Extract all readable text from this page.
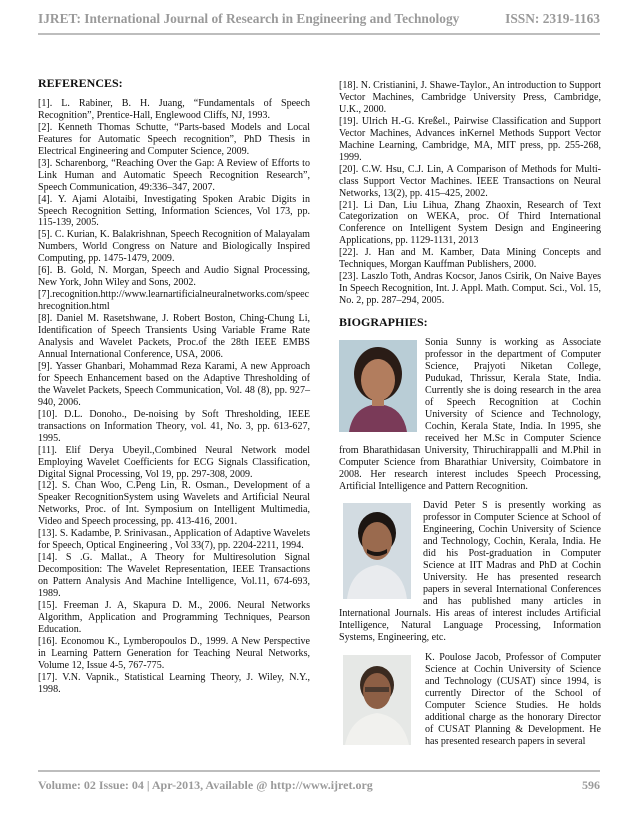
IJRET: International Journal of Research in Engineering and Technology	ISSN: 2319-1163
REFERENCES:

[1]. L. Rabiner, B. H. Juang, “Fundamentals of Speech Recognition”, Prentice-Hall, Englewood Cliffs, NJ, 1993.

[2]. Kenneth Thomas Schutte, “Parts-based Models and Local Features for Automatic Speech recognition”, PhD Thesis in Electrical Engineering and Computer Science, 2009.

[3]. Scharenborg, “Reaching Over the Gap: A Review of Efforts to Link Human and Automatic Speech Recognition Research”, Speech Communication, 49:336–347, 2007.

[4]. Y. Ajami Alotaibi, Investigating Spoken Arabic Digits in Speech Recognition Setting, Information Sciences, Vol 173, pp. 115-139, 2005.

[5]. C. Kurian, K. Balakrishnan, Speech Recognition of Malayalam Numbers, World Congress on Nature and Biologically Inspired Computing, pp. 1475-1479, 2009.

[6]. B. Gold, N. Morgan, Speech and Audio Signal Processing, New York, John Wiley and Sons, 2002.

[7].recognition.http://www.learnartificialneuralnetworks.com/speechrecognition.html

[8]. Daniel M. Rasetshwane, J. Robert Boston, Ching-Chung Li, Identification of Speech Transients Using Variable Frame Rate Analysis and Wavelet Packets, Proc.of the 28th IEEE EMBS Annual International Conference, USA, 2006.

[9]. Yasser Ghanbari, Mohammad Reza Karami, A new Approach for Speech Enhancement based on the Adaptive Thresholding of the Wavelet Packets, Speech Communication, Vol. 48 (8), pp. 927–940, 2006.

[10]. D.L. Donoho., De-noising by Soft Thresholding, IEEE transactions on Information Theory, vol. 41, No. 3, pp. 613-627, 1995.

[11]. Elif Derya Ubeyil.,Combined Neural Network model Employing Wavelet Coefficients for ECG Signals Classification, Digital Signal Processing, Vol 19, pp. 297-308, 2009.

[12]. S. Chan Woo, C.Peng Lin, R. Osman., Development of a Speaker RecognitionSystem using Wavelets and Artificial Neural Networks, Proc. of Int. Symposium on Intelligent Multimedia, Video and Speech processing, pp. 413-416, 2001.

[13]. S. Kadambe, P. Srinivasan., Application of Adaptive Wavelets for Speech, Optical Engineering , Vol 33(7), pp. 2204-2211, 1994.

[14]. S .G. Mallat., A Theory for Multiresolution Signal Decomposition: The Wavelet Representation, IEEE Transactions on Pattern Analysis And Machine Intelligence, Vol.11, 674-693, 1989.

[15]. Freeman J. A, Skapura D. M., 2006. Neural Networks Algorithm, Application and Programming Techniques, Pearson Education.

[16]. Economou K., Lymberopoulos D., 1999. A New Perspective in Learning Pattern Generation for Teaching Neural Networks, Volume 12, Issue 4-5, 767-775.

[17]. V.N. Vapnik., Statistical Learning Theory, J. Wiley, N.Y., 1998.

[18]. N. Cristianini, J. Shawe-Taylor., An introduction to Support Vector Machines, Cambridge University Press, Cambridge, U.K., 2000.

[19]. Ulrich H.-G. Kreßel., Pairwise Classification and Support Vector Machines, Advances inKernel Methods Support Vector Machine Learning, Cambridge, MA, MIT press, pp. 255-268, 1999.

[20]. C.W. Hsu, C.J. Lin, A Comparison of Methods for Multi-class Support Vector Machines. IEEE Transactions on Neural Networks, 13(2), pp. 415–425, 2002.

[21]. Li Dan, Liu Lihua, Zhang Zhaoxin, Research of Text Categorization on WEKA, proc. Of Third International Conference on Intelligent System Design and Engineering Applications, pp. 1129-1131, 2013

[22]. J. Han and M. Kamber, Data Mining Concepts and Techniques, Morgan Kauffman Publishers, 2000.

[23]. Laszlo Toth, Andras Kocsor, Janos Csirik, On Naive Bayes In Speech Recognition, Int. J. Appl. Math. Comput. Sci., Vol. 15, No. 2, pp. 287–294, 2005.

BIOGRAPHIES:
Sonia Sunny is working as Associate professor in the department of Computer Science, Prajyoti Niketan College, Pudukad, Thrissur, Kerala State, India. Currently she is doing research in the area of Speech Recognition at Cochin University of Science and Technology, Cochin, Kerala State, India. In 1995, she received her M.Sc in Computer Science from Bharathidasan University, Thiruchirappalli and M.Phil in Computer Science from Bharathiar University, Coimbatore in 2008. Her research interest includes Speech Processing, Artificial Intelligence and Pattern Recognition.
David Peter S is presently working as professor in Computer Science at School of Engineering, Cochin University of Science and Technology, Cochin, Kerala, India. He did his Post-graduation in Computer Science at IIT Madras and PhD at Cochin University. He has presented research papers in several International Conferences and has published many articles in International Journals. His areas of interest includes Artificial Intelligence, Natural Language Processing, Information Systems, Engineering, etc.
K. Poulose Jacob, Professor of Computer Science at Cochin University of Science and Technology (CUSAT) since 1994, is currently Director of the School of Computer Science Studies. He holds additional charge as the honorary Director of CUSAT Planning & Development. He has presented research papers in several
Volume: 02 Issue: 04 | Apr-2013, Available @ http://www.ijret.org	596
